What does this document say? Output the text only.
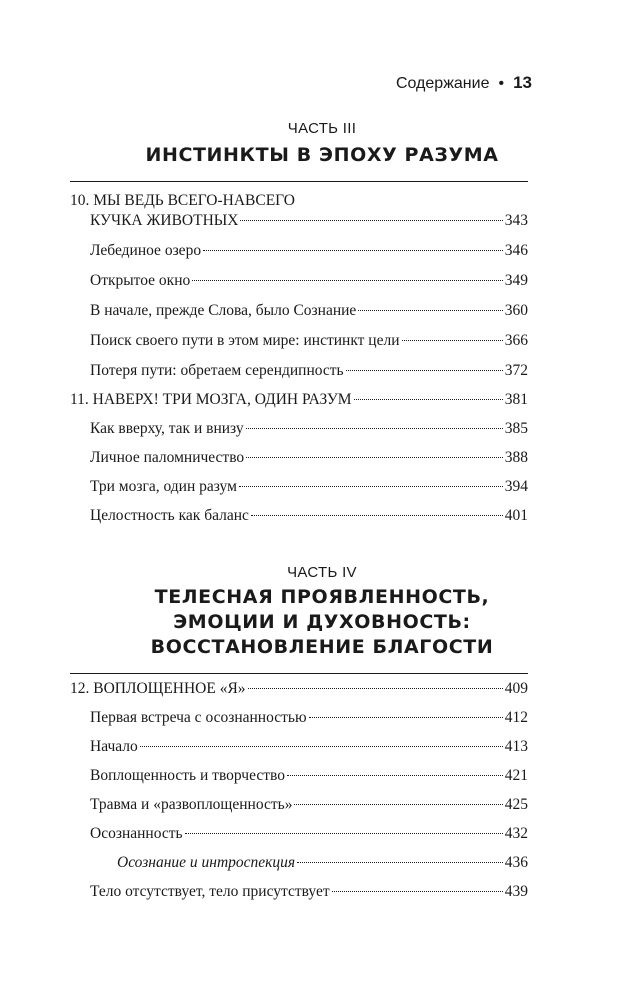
Содержание • 13
ЧАСТЬ III
ИНСТИНКТЫ В ЭПОХУ РАЗУМА
10. МЫ ВЕДЬ ВСЕГО-НАВСЕГО
КУЧКА ЖИВОТНЫХ	343
Лебединое озеро	346
Открытое окно	349
В начале, прежде Слова, было Сознание	360
Поиск своего пути в этом мире: инстинкт цели	366
Потеря пути: обретаем серендипность	372
11. НАВЕРХ! ТРИ МОЗГА, ОДИН РАЗУМ	381
Как вверху, так и внизу	385
Личное паломничество	388
Три мозга, один разум	394
Целостность как баланс	401
ЧАСТЬ IV
ТЕЛЕСНАЯ ПРОЯВЛЕННОСТЬ,
ЭМОЦИИ И ДУХОВНОСТЬ:
ВОССТАНОВЛЕНИЕ БЛАГОСТИ
12. ВОПЛОЩЕННОЕ «Я»	409
Первая встреча с осознанностью	412
Начало	413
Воплощенность и творчество	421
Травма и «развоплощенность»	425
Осознанность	432
Осознание и интроспекция	436
Тело отсутствует, тело присутствует	439
